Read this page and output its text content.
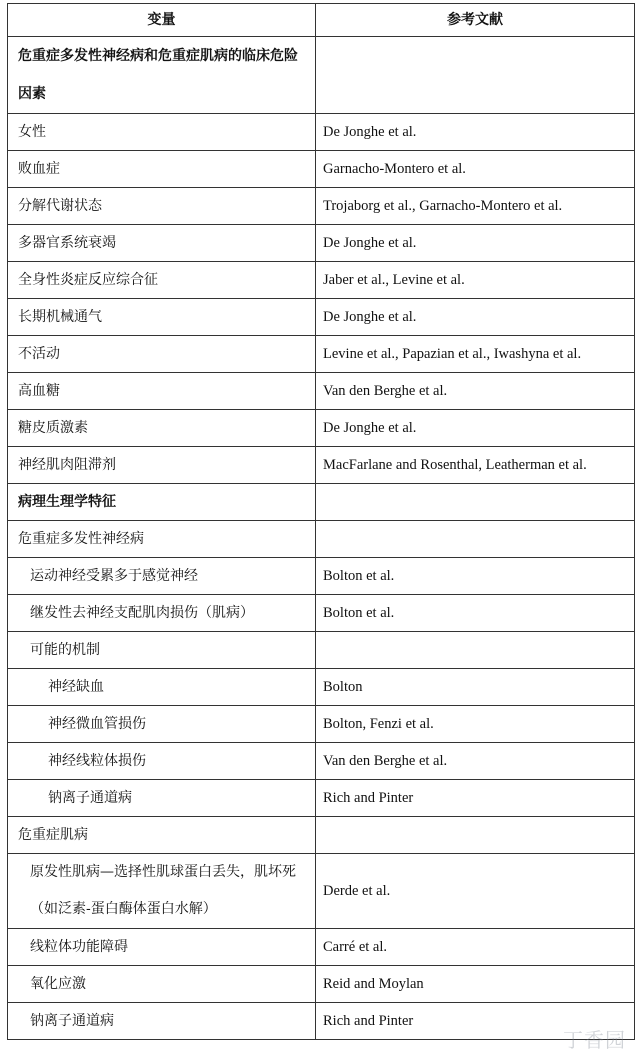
变量	参考文献
危重症多发性神经病和危重症肌病的临床危险因素	
女性	De Jonghe et al.
败血症	Garnacho-Montero et al.
分解代谢状态	Trojaborg et al., Garnacho-Montero et al.
多器官系统衰竭	De Jonghe et al.
全身性炎症反应综合征	Jaber et al., Levine et al.
长期机械通气	De Jonghe et al.
不活动	Levine et al., Papazian et al., Iwashyna et al.
高血糖	Van den Berghe et al.
糖皮质激素	De Jonghe et al.
神经肌肉阻滞剂	MacFarlane and Rosenthal, Leatherman et al.
病理生理学特征	
危重症多发性神经病	
运动神经受累多于感觉神经	Bolton et al.
继发性去神经支配肌肉损伤（肌病）	Bolton et al.
可能的机制	
神经缺血	Bolton
神经微血管损伤	Bolton, Fenzi et al.
神经线粒体损伤	Van den Berghe et al.
钠离子通道病	Rich and Pinter
危重症肌病	
原发性肌病—选择性肌球蛋白丢失，肌坏死（如泛素-蛋白酶体蛋白水解）	Derde et al.
线粒体功能障碍	Carré et al.
氧化应激	Reid and Moylan
钠离子通道病	Rich and Pinter
丁香园
